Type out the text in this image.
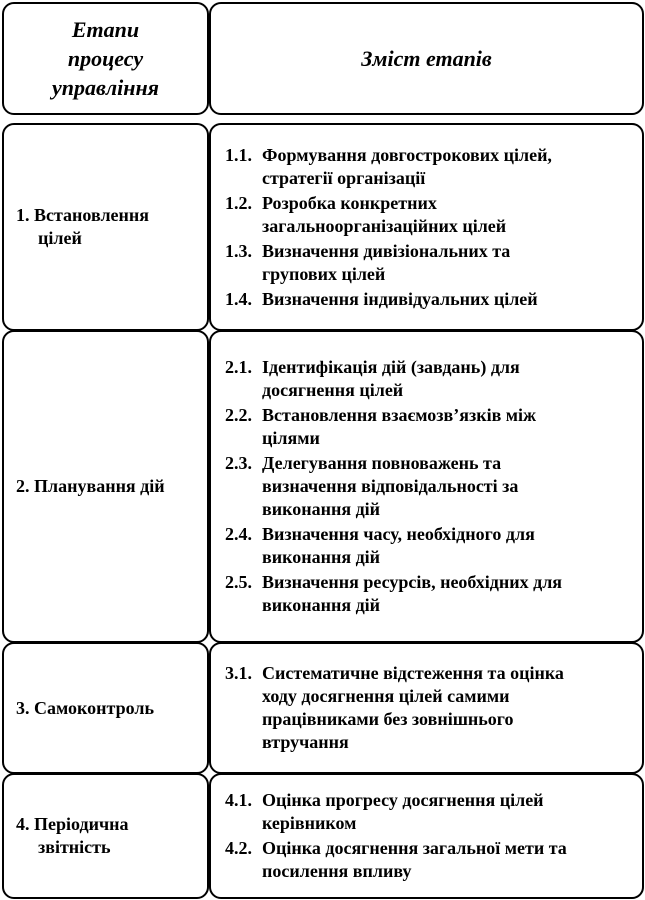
Етапи
процесу
управління
Зміст етапів
1. Встановлення
цілей
1.1. Формування довгострокових цілей,
стратегії організації
1.2. Розробка конкретних
загальноорганізаційних цілей
1.3. Визначення дивізіональних та
групових цілей
1.4. Визначення індивідуальних цілей
2. Планування дій
2.1. Ідентифікація дій (завдань) для
досягнення цілей
2.2. Встановлення взаємозв’язків між
цілями
2.3. Делегування повноважень та
визначення відповідальності за
виконання дій
2.4. Визначення часу, необхідного для
виконання дій
2.5. Визначення ресурсів, необхідних для
виконання дій
3. Самоконтроль
3.1. Систематичне відстеження та оцінка
ходу досягнення цілей самими
працівниками без зовнішнього
втручання
4. Періодична
звітність
4.1. Оцінка прогресу досягнення цілей
керівником
4.2. Оцінка досягнення загальної мети та
посилення впливу
